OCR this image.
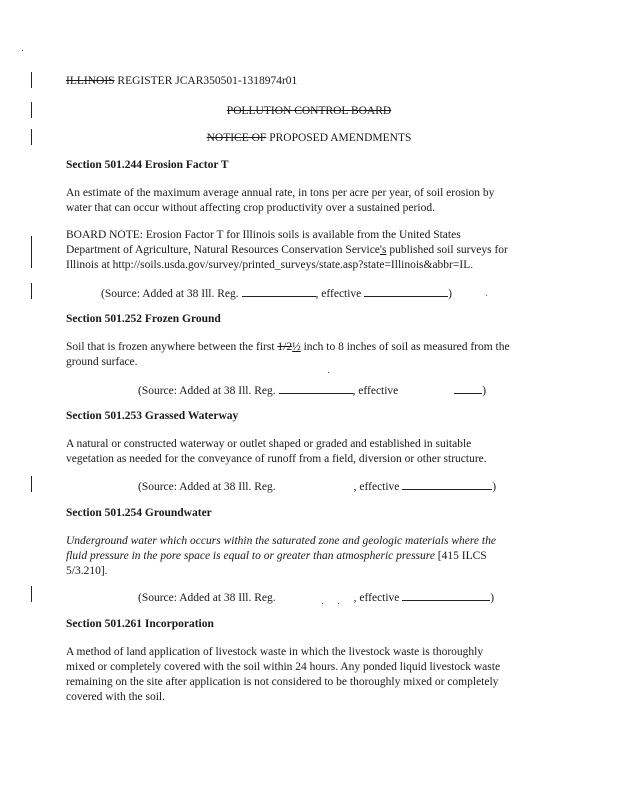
ILLINOIS REGISTER JCAR350501-1318974r01
POLLUTION CONTROL BOARD
NOTICE OF PROPOSED AMENDMENTS
Section 501.244 Erosion Factor T
An estimate of the maximum average annual rate, in tons per acre per year, of soil erosion by
water that can occur without affecting crop productivity over a sustained period.
BOARD NOTE: Erosion Factor T for Illinois soils is available from the United States
Department of Agriculture, Natural Resources Conservation Service's published soil surveys for
Illinois at http://soils.usda.gov/survey/printed_surveys/state.asp?state=Illinois&abbr=IL.
(Source: Added at 38 Ill. Reg.	, effective	)
Section 501.252 Frozen Ground
Soil that is frozen anywhere between the first 1/2½ inch to 8 inches of soil as measured from the
ground surface.
(Source: Added at 38 Ill. Reg.	, effective	)
Section 501.253 Grassed Waterway
A natural or constructed waterway or outlet shaped or graded and established in suitable
vegetation as needed for the conveyance of runoff from a field, diversion or other structure.
(Source: Added at 38 Ill. Reg.	, effective	)
Section 501.254 Groundwater
Underground water which occurs within the saturated zone and geologic materials where the
fluid pressure in the pore space is equal to or greater than atmospheric pressure [415 ILCS
5/3.210].
(Source: Added at 38 Ill. Reg.	, effective	)
Section 501.261 Incorporation
A method of land application of livestock waste in which the livestock waste is thoroughly
mixed or completely covered with the soil within 24 hours. Any ponded liquid livestock waste
remaining on the site after application is not considered to be thoroughly mixed or completely
covered with the soil.
